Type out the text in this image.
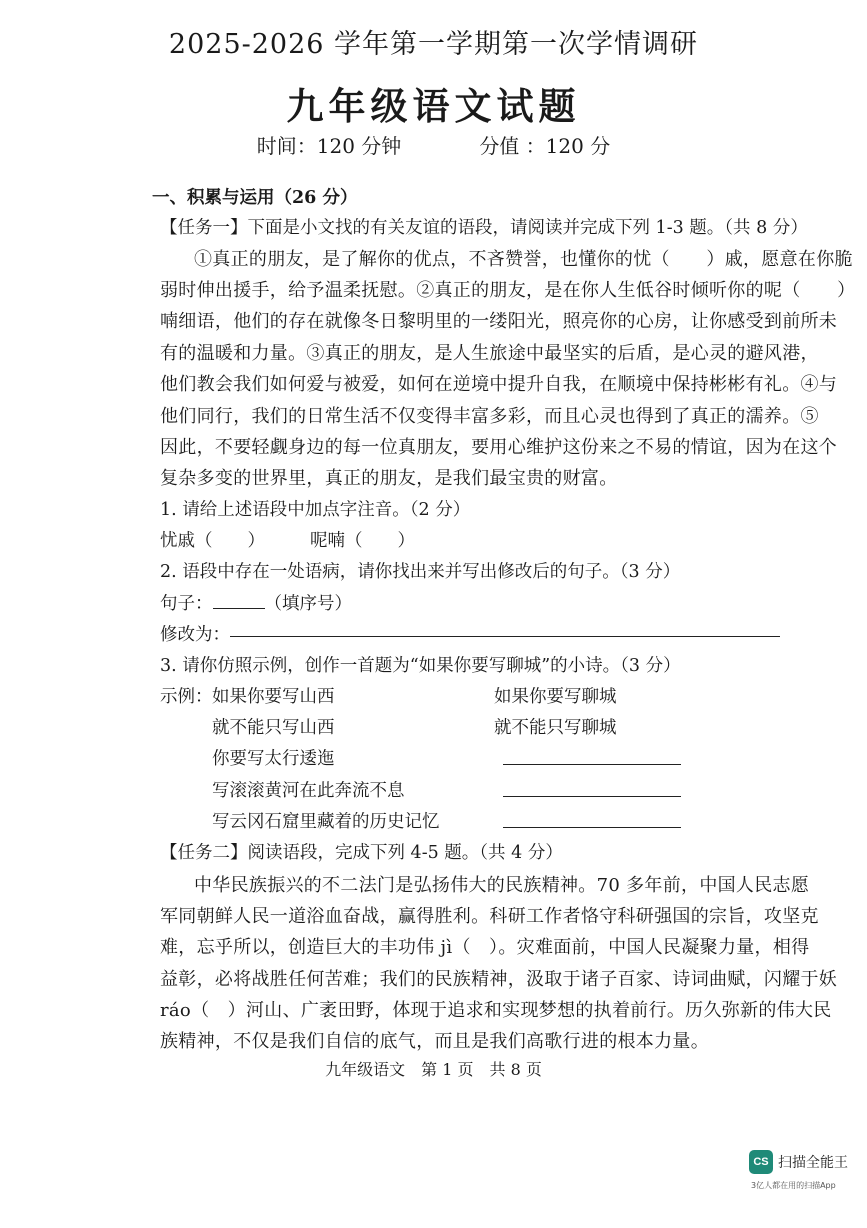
2025-2026 学年第一学期第一次学情调研
九年级语文试题
时间：120 分钟	分值 ：120 分
一、积累与运用（26 分）
【任务一】下面是小文找的有关友谊的语段，请阅读并完成下列 1-3 题。（共 8 分）
①真正的朋友，是了解你的优点，不吝赞誉，也懂你的忧（　　）戚，愿意在你脆
弱时伸出援手，给予温柔抚慰。②真正的朋友，是在你人生低谷时倾听你的呢（　　）
喃细语，他们的存在就像冬日黎明里的一缕阳光，照亮你的心房，让你感受到前所未
有的温暖和力量。③真正的朋友，是人生旅途中最坚实的后盾，是心灵的避风港，
他们教会我们如何爱与被爱，如何在逆境中提升自我，在顺境中保持彬彬有礼。④与
他们同行，我们的日常生活不仅变得丰富多彩，而且心灵也得到了真正的濡养。⑤
因此，不要轻觑身边的每一位真朋友，要用心维护这份来之不易的情谊，因为在这个
复杂多变的世界里，真正的朋友，是我们最宝贵的财富。
1. 请给上述语段中加点字注音。（2 分）
忧戚（　　）	呢喃（　　）
2. 语段中存在一处语病，请你找出来并写出修改后的句子。（3 分）
句子：	（填序号）
修改为：
3. 请你仿照示例，创作一首题为“如果你要写聊城”的小诗。（3 分）
示例： 如果你要写山西
就不能只写山西
你要写太行逶迤
写滚滚黄河在此奔流不息
写云冈石窟里藏着的历史记忆
如果你要写聊城
就不能只写聊城
【任务二】阅读语段，完成下列 4-5 题。（共 4 分）
中华民族振兴的不二法门是弘扬伟大的民族精神。70 多年前，中国人民志愿
军同朝鲜人民一道浴血奋战，赢得胜利。科研工作者恪守科研强国的宗旨，攻坚克
难，忘乎所以，创造巨大的丰功伟 jì（　）。灾难面前，中国人民凝聚力量，相得
益彰，必将战胜任何苦难；我们的民族精神，汲取于诸子百家、诗词曲赋，闪耀于妖
ráo（　）河山、广袤田野，体现于追求和实现梦想的执着前行。历久弥新的伟大民
族精神，不仅是我们自信的底气，而且是我们高歌行进的根本力量。
九年级语文　第 1 页　共 8 页
CS 扫描全能王
3亿人都在用的扫描App
